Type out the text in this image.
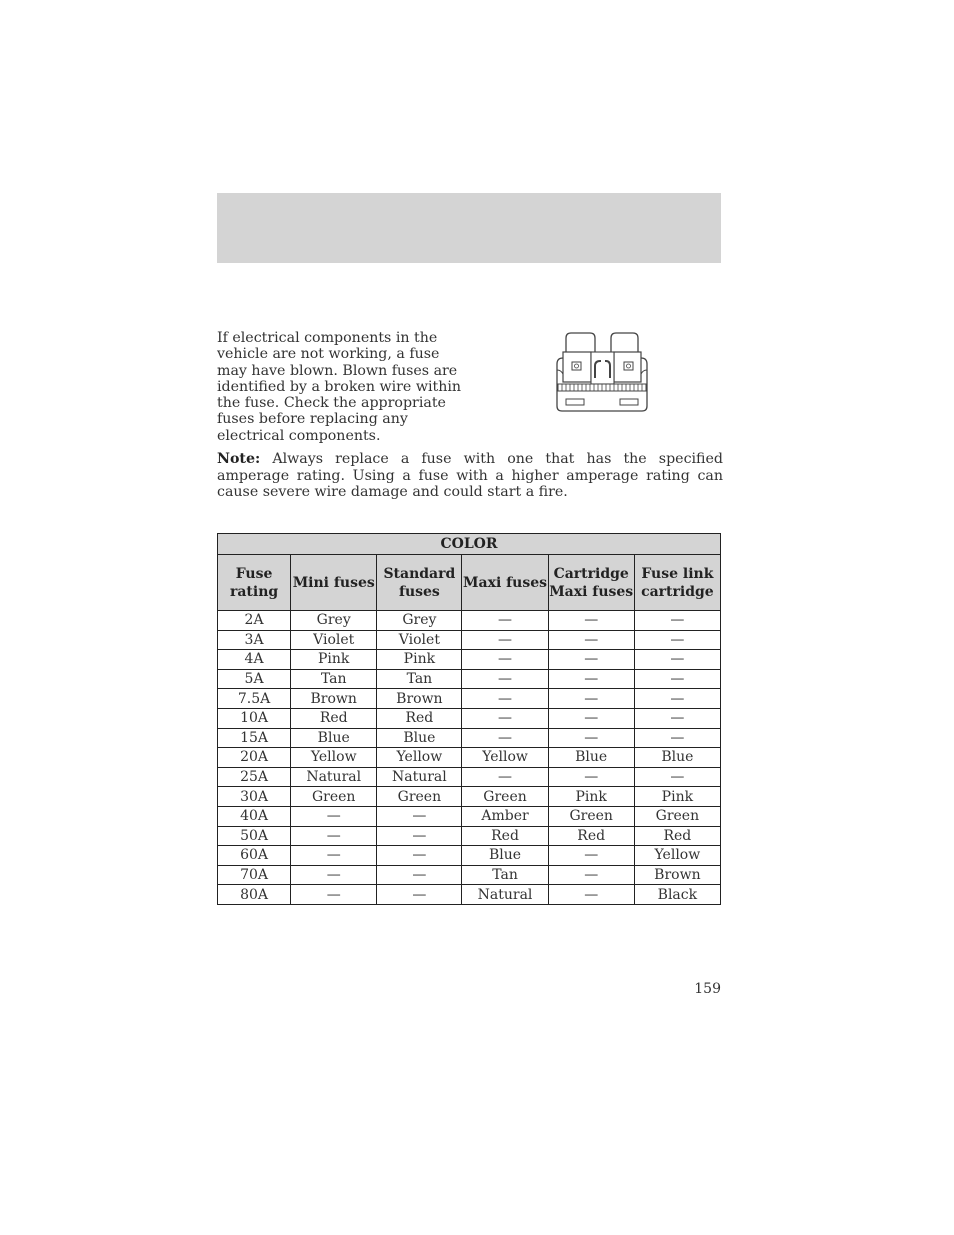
If electrical components in the vehicle are not working, a fuse may have blown. Blown fuses are identified by a broken wire within the fuse. Check the appropriate fuses before replacing any electrical components.

Note: Always replace a fuse with one that has the specified amperage rating. Using a fuse with a higher amperage rating can cause severe wire damage and could start a fire.

COLOR					
Fuse rating	Mini fuses	Standard fuses	Maxi fuses	Cartridge Maxi fuses	Fuse link cartridge
2A	Grey	Grey	—	—	—
3A	Violet	Violet	—	—	—
4A	Pink	Pink	—	—	—
5A	Tan	Tan	—	—	—
7.5A	Brown	Brown	—	—	—
10A	Red	Red	—	—	—
15A	Blue	Blue	—	—	—
20A	Yellow	Yellow	Yellow	Blue	Blue
25A	Natural	Natural	—	—	—
30A	Green	Green	Green	Pink	Pink
40A	—	—	Amber	Green	Green
50A	—	—	Red	Red	Red
60A	—	—	Blue	—	Yellow
70A	—	—	Tan	—	Brown
80A	—	—	Natural	—	Black
159
